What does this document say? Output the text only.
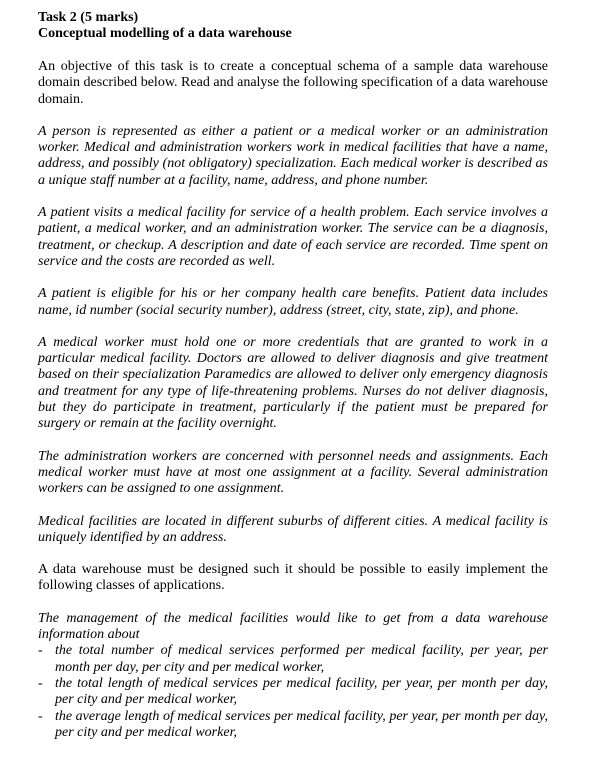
Task 2 (5 marks)

Conceptual modelling of a data warehouse

An objective of this task is to create a conceptual schema of a sample data warehouse domain described below. Read and analyse the following specification of a data warehouse domain.

A person is represented as either a patient or a medical worker or an administration worker. Medical and administration workers work in medical facilities that have a name, address, and possibly (not obligatory) specialization. Each medical worker is described as a unique staff number at a facility, name, address, and phone number.

A patient visits a medical facility for service of a health problem. Each service involves a patient, a medical worker, and an administration worker. The service can be a diagnosis, treatment, or checkup. A description and date of each service are recorded. Time spent on service and the costs are recorded as well.

A patient is eligible for his or her company health care benefits. Patient data includes name, id number (social security number), address (street, city, state, zip), and phone.

A medical worker must hold one or more credentials that are granted to work in a particular medical facility. Doctors are allowed to deliver diagnosis and give treatment based on their specialization Paramedics are allowed to deliver only emergency diagnosis and treatment for any type of life-threatening problems. Nurses do not deliver diagnosis, but they do participate in treatment, particularly if the patient must be prepared for surgery or remain at the facility overnight.

The administration workers are concerned with personnel needs and assignments. Each medical worker must have at most one assignment at a facility. Several administration workers can be assigned to one assignment.

Medical facilities are located in different suburbs of different cities. A medical facility is uniquely identified by an address.

A data warehouse must be designed such it should be possible to easily implement the following classes of applications.

The management of the medical facilities would like to get from a data warehouse information about

- the total number of medical services performed per medical facility, per year, per month per day, per city and per medical worker,
- the total length of medical services per medical facility, per year, per month per day, per city and per medical worker,
- the average length of medical services per medical facility, per year, per month per day, per city and per medical worker,
